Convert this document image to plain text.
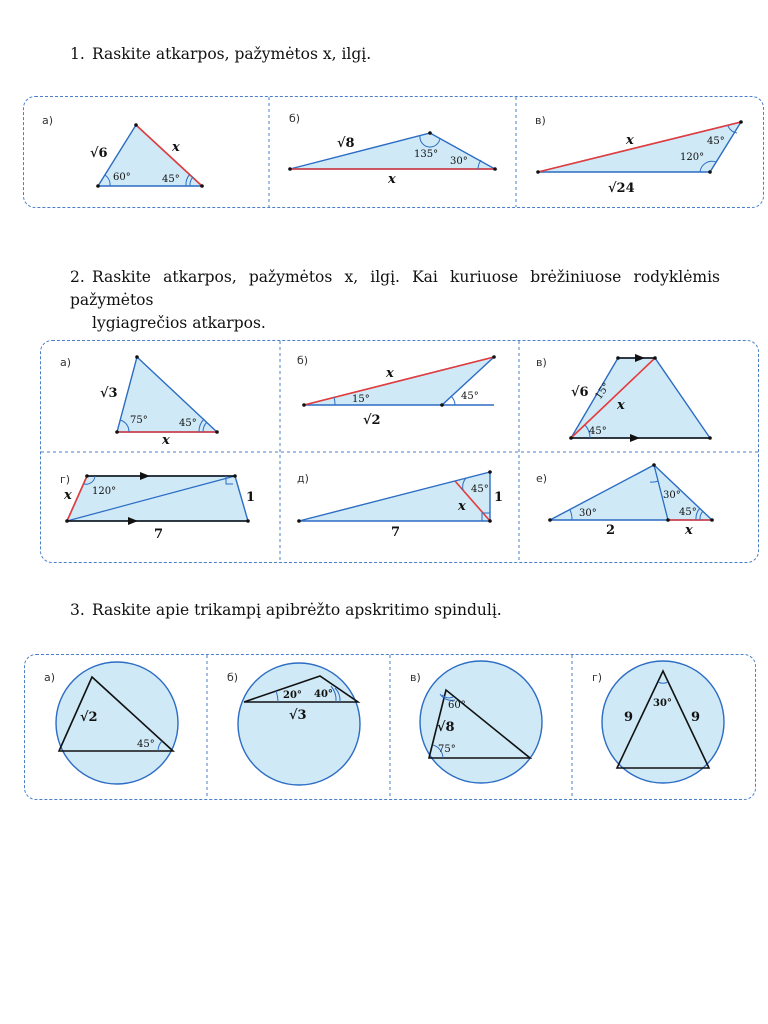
1. Raskite atkarpos, pažymėtos x, ilgį.
2. Raskite atkarpos, pažymėtos x, ilgį. Kai kuriuose brėžiniuose rodyklėmis pažymėtos
lygiagrečios atkarpos.
3. Raskite apie trikampį apibrėžto apskritimo spindulį.
а)	б)	в)
а)	б)	в)
г)	д)	е)
а)	б)	в)	г)
√6	x
60°	45°
√8
x
135°
30°
x
√24
45°
120°
√3
x
75°	45°
x
√2
15°	45°	√6
x
15°
45°
x 120°	1
7
45°
1
x
7
30°
30°
45°
2	x
√2
45°
20° 40°
√3
60°
√8
75°
30°
9	9
